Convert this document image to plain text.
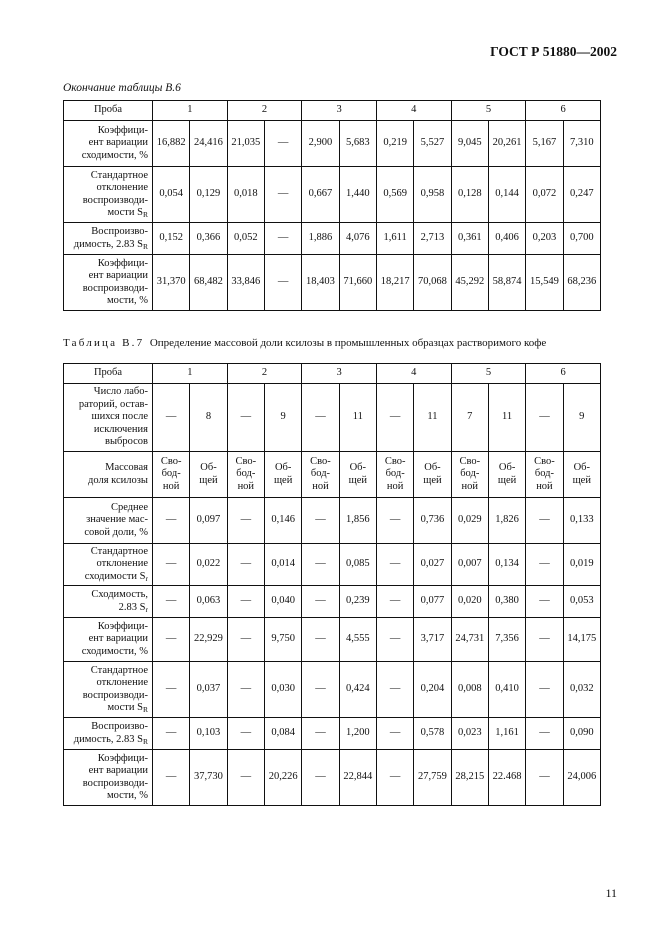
ГОСТ Р 51880—2002
Окончание таблицы В.6
Проба	1		2		3		4		5		6	
Коэффици-
ент вариации
сходимости, %	16,882	24,416	21,035	—	2,900	5,683	0,219	5,527	9,045	20,261	5,167	7,310
Стандартное
отклонение
воспроизводи-
мости $S_R$	0,054	0,129	0,018	—	0,667	1,440	0,569	0,958	0,128	0,144	0,072	0,247
Воспроизво-
димость, 2.83 $S_R$	0,152	0,366	0,052	—	1,886	4,076	1,611	2,713	0,361	0,406	0,203	0,700
Коэффици-
ент вариации
воспроизводи-
мости, %	31,370	68,482	33,846	—	18,403	71,660	18,217	70,068	45,292	58,874	15,549	68,236
Таблица В.7 Определение массовой доли ксилозы в промышленных образцах растворимого кофе
Проба	1		2		3		4		5		6	
Число лабо-
раторий, остав-
шихся после
исключения
выбросов	—	8	—	9	—	11	—	11	7	11	—	9
Массовая
доля ксилозы	Сво-
бод-
ной	Об-
щей	Сво-
бод-
ной	Об-
щей	Сво-
бод-
ной	Об-
щей	Сво-
бод-
ной	Об-
щей	Сво-
бод-
ной	Об-
щей	Сво-
бод-
ной	Об-
щей
Среднее
значение мас-
совой доли, %	—	0,097	—	0,146	—	1,856	—	0,736	0,029	1,826	—	0,133
Стандартное
отклонение
сходимости $S_r$	—	0,022	—	0,014	—	0,085	—	0,027	0,007	0,134	—	0,019
Сходимость,
2.83 $S_r$	—	0,063	—	0,040	—	0,239	—	0,077	0,020	0,380	—	0,053
Коэффици-
ент вариации
сходимости, %	—	22,929	—	9,750	—	4,555	—	3,717	24,731	7,356	—	14,175
Стандартное
отклонение
воспроизводи-
мости $S_R$	—	0,037	—	0,030	—	0,424	—	0,204	0,008	0,410	—	0,032
Воспроизво-
димость, 2.83 $S_R$	—	0,103	—	0,084	—	1,200	—	0,578	0,023	1,161	—	0,090
Коэффици-
ент вариации
воспроизводи-
мости, %	—	37,730	—	20,226	—	22,844	—	27,759	28,215	22.468	—	24,006
11
